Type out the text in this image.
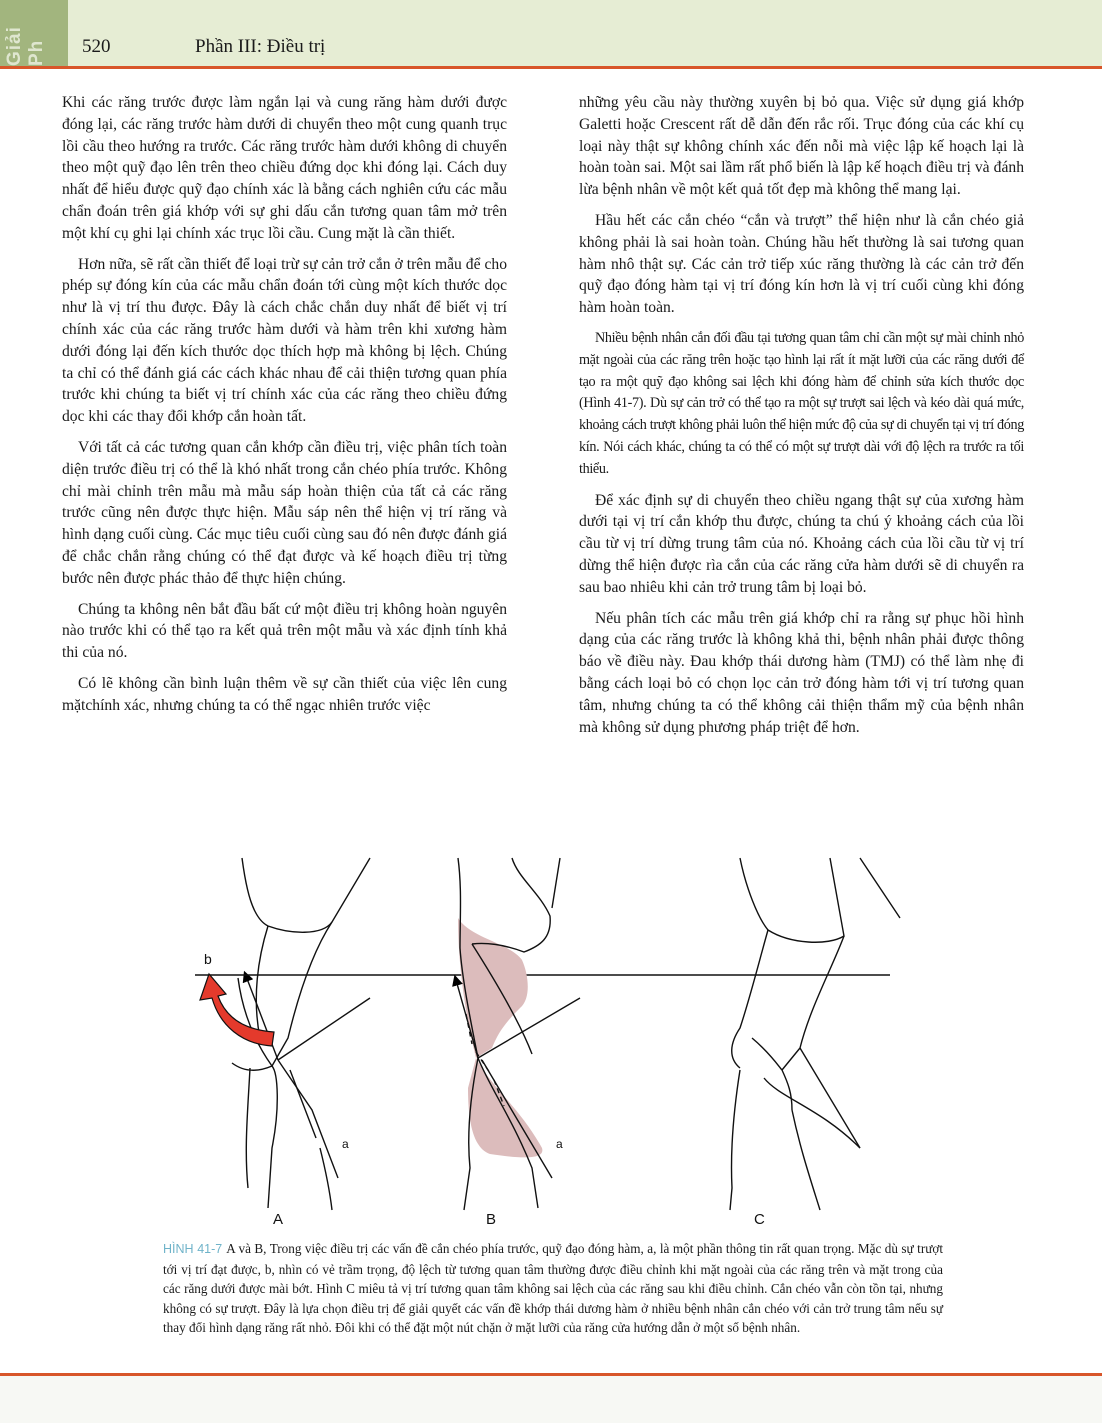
Giải Ph 520	Phần III: Điều trị

Khi các răng trước được làm ngắn lại và cung răng hàm dưới được đóng lại, các răng trước hàm dưới di chuyển theo một cung quanh trục lồi cầu theo hướng ra trước. Các răng trước hàm dưới không di chuyển theo một quỹ đạo lên trên theo chiều đứng dọc khi đóng lại. Cách duy nhất để hiểu được quỹ đạo chính xác là bằng cách nghiên cứu các mẫu chẩn đoán trên giá khớp với sự ghi dấu cắn tương quan tâm mở trên một khí cụ ghi lại chính xác trục lồi cầu. Cung mặt là cần thiết.

Hơn nữa, sẽ rất cần thiết để loại trừ sự cản trở cắn ở trên mẫu để cho phép sự đóng kín của các mẫu chẩn đoán tới cùng một kích thước dọc như là vị trí thu được. Đây là cách chắc chắn duy nhất để biết vị trí chính xác của các răng trước hàm dưới và hàm trên khi xương hàm dưới đóng lại đến kích thước dọc thích hợp mà không bị lệch. Chúng ta chỉ có thể đánh giá các cách khác nhau để cải thiện tương quan phía trước khi chúng ta biết vị trí chính xác của các răng theo chiều đứng dọc khi các thay đổi khớp cắn hoàn tất.

Với tất cả các tương quan cắn khớp cần điều trị, việc phân tích toàn diện trước điều trị có thể là khó nhất trong cắn chéo phía trước. Không chỉ mài chỉnh trên mẫu mà mẫu sáp hoàn thiện của tất cả các răng trước cũng nên được thực hiện. Mẫu sáp nên thể hiện vị trí răng và hình dạng cuối cùng. Các mục tiêu cuối cùng sau đó nên được đánh giá để chắc chắn rằng chúng có thể đạt được và kế hoạch điều trị từng bước nên được phác thảo để thực hiện chúng.

Chúng ta không nên bắt đầu bất cứ một điều trị không hoàn nguyên nào trước khi có thể tạo ra kết quả trên một mẫu và xác định tính khả thi của nó.

Có lẽ không cần bình luận thêm về sự cần thiết của việc lên cung mặtchính xác, nhưng chúng ta có thể ngạc nhiên trước việc

những yêu cầu này thường xuyên bị bỏ qua. Việc sử dụng giá khớp Galetti hoặc Crescent rất dễ dẫn đến rắc rối. Trục đóng của các khí cụ loại này thật sự không chính xác đến nỗi mà việc lập kế hoạch lại là hoàn toàn sai. Một sai lầm rất phổ biến là lập kế hoạch điều trị và đánh lừa bệnh nhân về một kết quả tốt đẹp mà không thể mang lại.

Hầu hết các cắn chéo “cắn và trượt” thể hiện như là cắn chéo giả không phải là sai hoàn toàn. Chúng hầu hết thường là sai tương quan hàm nhô thật sự. Các cản trở tiếp xúc răng thường là các cản trở đến quỹ đạo đóng hàm tại vị trí đóng kín hơn là vị trí cuối cùng khi đóng hàm hoàn toàn.

Nhiều bệnh nhân cắn đối đầu tại tương quan tâm chỉ cần một sự mài chỉnh nhỏ mặt ngoài của các răng trên hoặc tạo hình lại rất ít mặt lưỡi của các răng dưới để tạo ra một quỹ đạo không sai lệch khi đóng hàm để chỉnh sửa kích thước dọc (Hình 41-7). Dù sự cản trở có thể tạo ra một sự trượt sai lệch và kéo dài quá mức, khoảng cách trượt không phải luôn thể hiện mức độ của sự di chuyển tại vị trí đóng kín. Nói cách khác, chúng ta có thể có một sự trượt dài với độ lệch ra trước ra tối thiểu.

Để xác định sự di chuyển theo chiều ngang thật sự của xương hàm dưới tại vị trí cắn khớp thu được, chúng ta chú ý khoảng cách của lồi cầu từ vị trí dừng trung tâm của nó. Khoảng cách của lồi cầu từ vị trí dừng thể hiện được rìa cắn của các răng cửa hàm dưới sẽ di chuyển ra sau bao nhiêu khi cản trở trung tâm bị loại bỏ.

Nếu phân tích các mẫu trên giá khớp chỉ ra rằng sự phục hồi hình dạng của các răng trước là không khả thi, bệnh nhân phải được thông báo về điều này. Đau khớp thái dương hàm (TMJ) có thể làm nhẹ đi bằng cách loại bỏ có chọn lọc cản trở đóng hàm tới vị trí tương quan tâm, nhưng chúng ta có thể không cải thiện thẩm mỹ của bệnh nhân mà không sử dụng phương pháp triệt để hơn.

b
a	a
A	B	C
HÌNH 41-7 A và B, Trong việc điều trị các vấn đề cắn chéo phía trước, quỹ đạo đóng hàm, a, là một phần thông tin rất quan trọng. Mặc dù sự trượt tới vị trí đạt được, b, nhìn có vẻ trầm trọng, độ lệch từ tương quan tâm thường được điều chỉnh khi mặt ngoài của các răng trên và mặt trong của các răng dưới được mài bớt. Hình C miêu tả vị trí tương quan tâm không sai lệch của các răng sau khi điều chỉnh. Cắn chéo vẫn còn tồn tại, nhưng không có sự trượt. Đây là lựa chọn điều trị để giải quyết các vấn đề khớp thái dương hàm ở nhiều bệnh nhân cắn chéo với cản trở trung tâm nếu sự thay đổi hình dạng răng rất nhỏ. Đôi khi có thể đặt một nút chặn ở mặt lưỡi của răng cửa hướng dẫn ở một số bệnh nhân.
